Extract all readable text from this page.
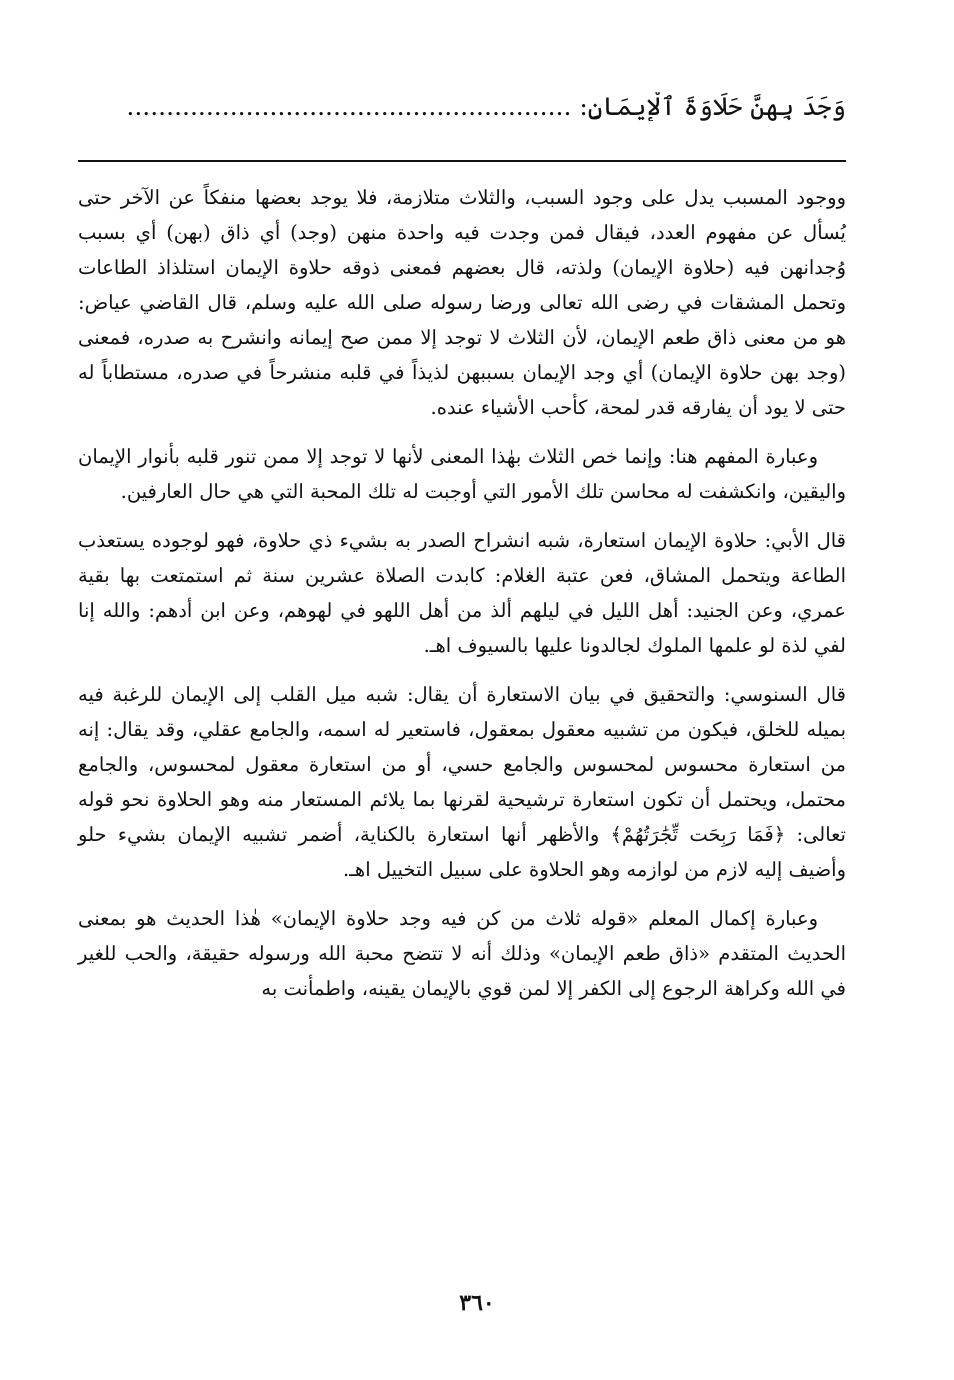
وَجَدَ بِهِنَّ حَلَاوَةَ ٱلْإِيمَانِ: ........................................................

ووجود المسبب يدل على وجود السبب، والثلاث متلازمة، فلا يوجد بعضها منفكاً عن الآخر حتى يُسأل عن مفهوم العدد، فيقال فمن وجدت فيه واحدة منهن (وجد) أي ذاق (بهن) أي بسبب وُجدانهن فيه (حلاوة الإيمان) ولذته، قال بعضهم فمعنى ذوقه حلاوة الإيمان استلذاذ الطاعات وتحمل المشقات في رضى الله تعالى ورضا رسوله صلى الله عليه وسلم، قال القاضي عياض: هو من معنى ذاق طعم الإيمان، لأن الثلاث لا توجد إلا ممن صح إيمانه وانشرح به صدره، فمعنى (وجد بهن حلاوة الإيمان) أي وجد الإيمان بسببهن لذيذاً في قلبه منشرحاً في صدره، مستطاباً له حتى لا يود أن يفارقه قدر لمحة، كأحب الأشياء عنده.

وعبارة المفهم هنا: وإنما خص الثلاث بهٰذا المعنى لأنها لا توجد إلا ممن تنور قلبه بأنوار الإيمان واليقين، وانكشفت له محاسن تلك الأمور التي أوجبت له تلك المحبة التي هي حال العارفين.

قال الأبي: حلاوة الإيمان استعارة، شبه انشراح الصدر به بشيء ذي حلاوة، فهو لوجوده يستعذب الطاعة ويتحمل المشاق، فعن عتبة الغلام: كابدت الصلاة عشرين سنة ثم استمتعت بها بقية عمري، وعن الجنيد: أهل الليل في ليلهم ألذ من أهل اللهو في لهوهم، وعن ابن أدهم: والله إنا لفي لذة لو علمها الملوك لجالدونا عليها بالسيوف اهـ.

قال السنوسي: والتحقيق في بيان الاستعارة أن يقال: شبه ميل القلب إلى الإيمان للرغبة فيه بميله للخلق، فيكون من تشبيه معقول بمعقول، فاستعير له اسمه، والجامع عقلي، وقد يقال: إنه من استعارة محسوس لمحسوس والجامع حسي، أو من استعارة معقول لمحسوس، والجامع محتمل، ويحتمل أن تكون استعارة ترشيحية لقرنها بما يلائم المستعار منه وهو الحلاوة نحو قوله تعالى: ﴿فَمَا رَبِحَت تِّجَٰرَتُهُمْ﴾ والأظهر أنها استعارة بالكناية، أضمر تشبيه الإيمان بشيء حلو وأضيف إليه لازم من لوازمه وهو الحلاوة على سبيل التخييل اهـ.

وعبارة إكمال المعلم «قوله ثلاث من كن فيه وجد حلاوة الإيمان» هٰذا الحديث هو بمعنى الحديث المتقدم «ذاق طعم الإيمان» وذلك أنه لا تتضح محبة الله ورسوله حقيقة، والحب للغير في الله وكراهة الرجوع إلى الكفر إلا لمن قوي بالإيمان يقينه، واطمأنت به

٣٦٠
